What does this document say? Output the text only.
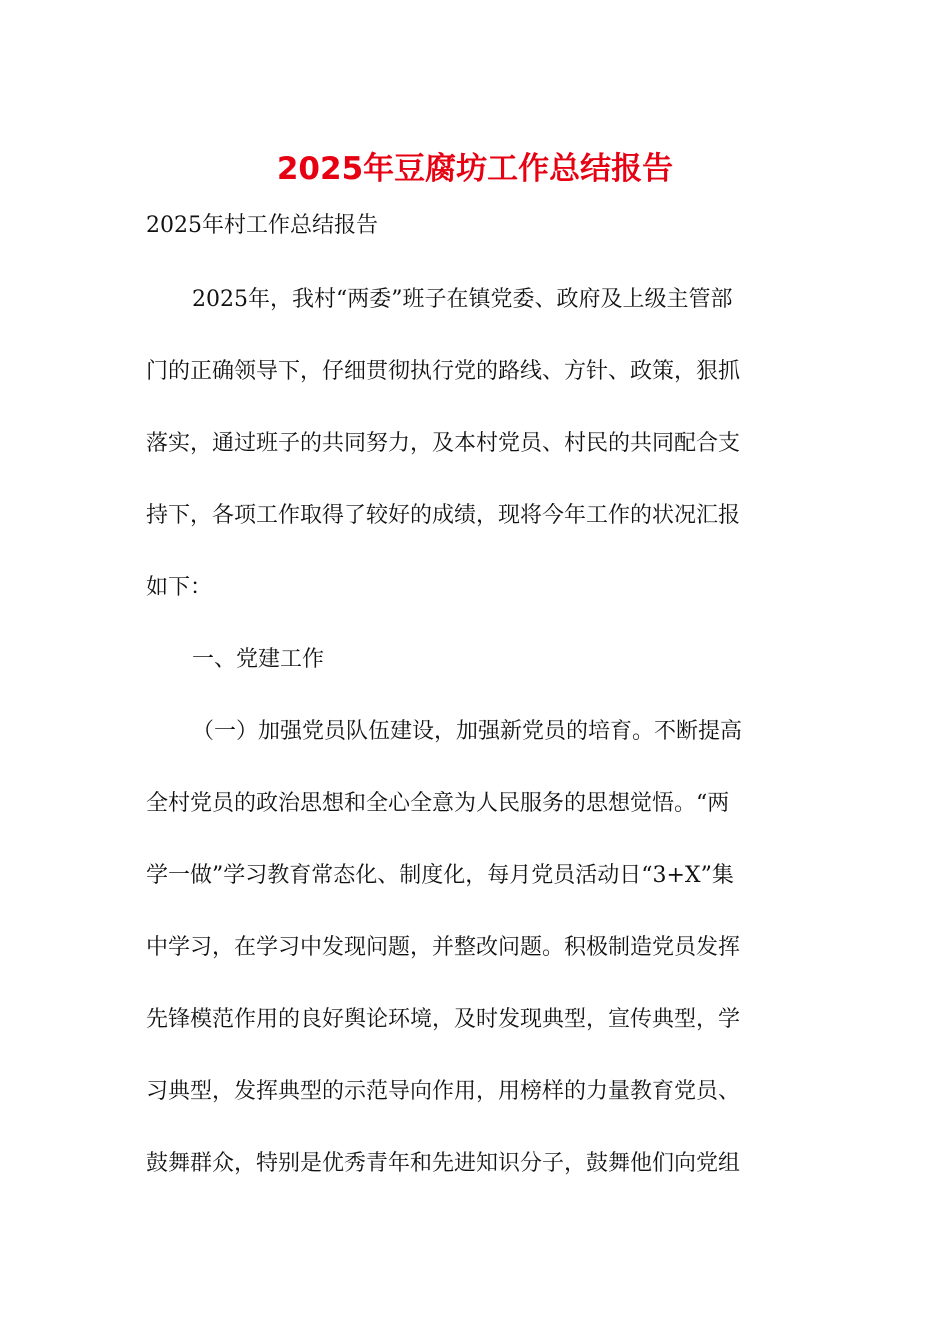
2025年豆腐坊工作总结报告
2025年村工作总结报告
2025年，我村“两委”班子在镇党委、政府及上级主管部
门的正确领导下，仔细贯彻执行党的路线、方针、政策，狠抓
落实，通过班子的共同努力，及本村党员、村民的共同配合支
持下，各项工作取得了较好的成绩，现将今年工作的状况汇报
如下：
一、党建工作
（一）加强党员队伍建设，加强新党员的培育。不断提高
全村党员的政治思想和全心全意为人民服务的思想觉悟。“两
学一做”学习教育常态化、制度化，每月党员活动日“3+X”集
中学习，在学习中发现问题，并整改问题。积极制造党员发挥
先锋模范作用的良好舆论环境，及时发现典型，宣传典型，学
习典型，发挥典型的示范导向作用，用榜样的力量教育党员、
鼓舞群众，特别是优秀青年和先进知识分子，鼓舞他们向党组
